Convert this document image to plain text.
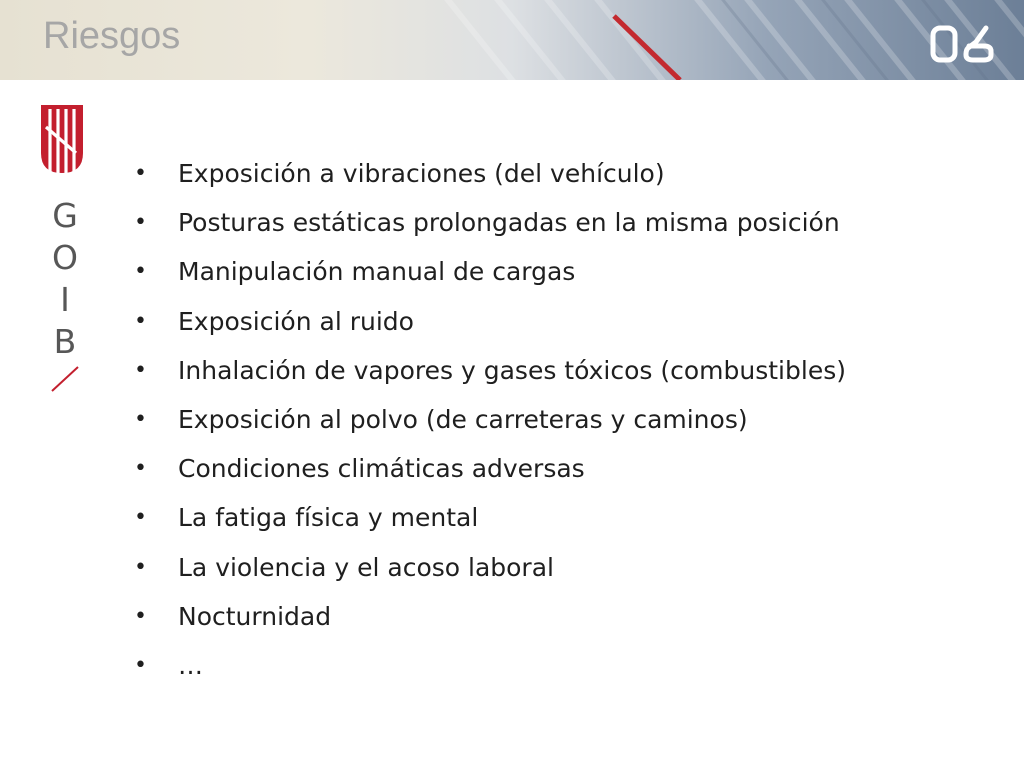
Riesgos
G
O
I
B
• Exposición a vibraciones (del vehículo)
• Posturas estáticas prolongadas en la misma posición
• Manipulación manual de cargas
• Exposición al ruido
• Inhalación de vapores y gases tóxicos (combustibles)
• Exposición al polvo (de carreteras y caminos)
• Condiciones climáticas adversas
• La fatiga física y mental
• La violencia y el acoso laboral
• Nocturnidad
• …
